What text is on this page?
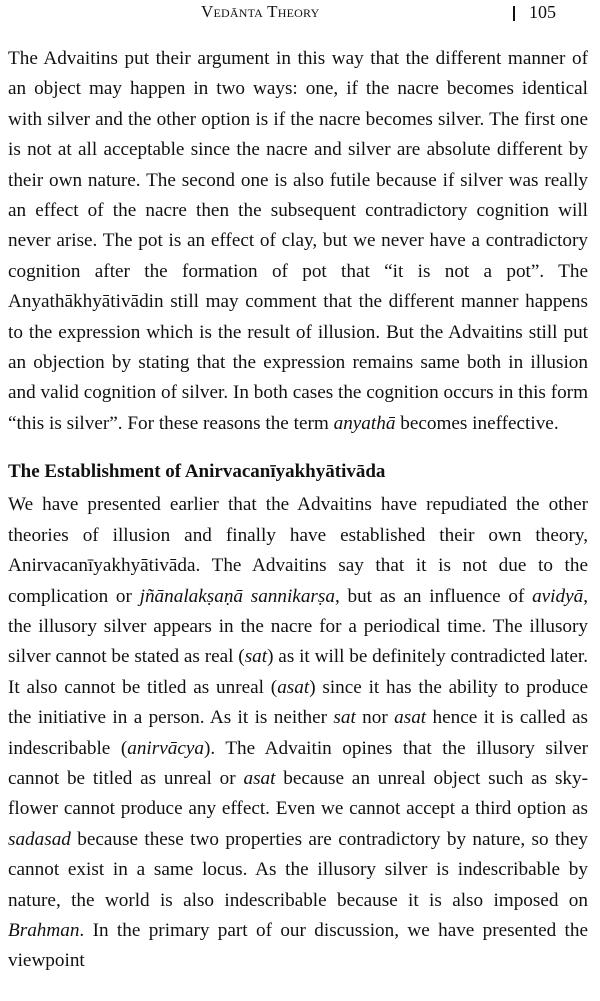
Vedānta Theory	105

The Advaitins put their argument in this way that the different manner of an object may happen in two ways: one, if the nacre becomes identical with silver and the other option is if the nacre becomes silver. The first one is not at all acceptable since the nacre and silver are absolute different by their own nature. The second one is also futile because if silver was really an effect of the nacre then the subsequent contradictory cognition will never arise. The pot is an effect of clay, but we never have a contradictory cognition after the formation of pot that “it is not a pot”. The Anyathākhyātivādin still may comment that the different manner happens to the expression which is the result of illusion. But the Advaitins still put an objection by stating that the expression remains same both in illusion and valid cognition of silver. In both cases the cognition occurs in this form “this is silver”. For these reasons the term anyathā becomes ineffective.

The Establishment of Anirvacanīyakhyātivāda

We have presented earlier that the Advaitins have repudiated the other theories of illusion and finally have established their own theory, Anirvacanīyakhyātivāda. The Advaitins say that it is not due to the complication or jñānalakṣaṇā sannikarṣa, but as an influence of avidyā, the illusory silver appears in the nacre for a periodical time. The illusory silver cannot be stated as real (sat) as it will be definitely contradicted later. It also cannot be titled as unreal (asat) since it has the ability to produce the initiative in a person. As it is neither sat nor asat hence it is called as indescribable (anirvācya). The Advaitin opines that the illusory silver cannot be titled as unreal or asat because an unreal object such as sky-flower cannot produce any effect. Even we cannot accept a third option as sadasad because these two properties are contradictory by nature, so they cannot exist in a same locus. As the illusory silver is indescribable by nature, the world is also indescribable because it is also imposed on Brahman. In the primary part of our discussion, we have presented the viewpoint
